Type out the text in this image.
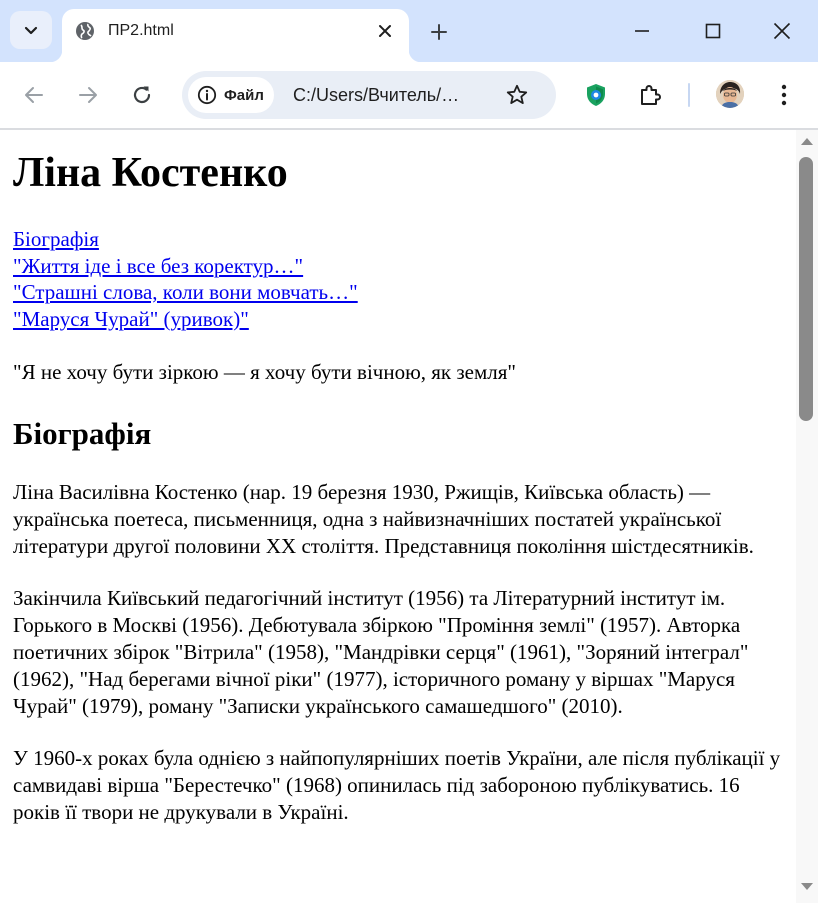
ПР2.html
Файл C:/Users/Вчитель/…
Ліна Костенко
Біографія
"Життя іде і все без коректур…"
"Страшні слова, коли вони мовчать…"
"Маруся Чурай" (уривок)"

"Я не хочу бути зіркою — я хочу бути вічною, як земля"

Біографія

Ліна Василівна Костенко (нар. 19 березня 1930, Ржищів, Київська область) — українська поетеса, письменниця, одна з найвизначніших постатей української літератури другої половини XX століття. Представниця покоління шістдесятників.

Закінчила Київський педагогічний інститут (1956) та Літературний інститут ім. Горького в Москві (1956). Дебютувала збіркою "Проміння землі" (1957). Авторка поетичних збірок "Вітрила" (1958), "Мандрівки серця" (1961), "Зоряний інтеграл" (1962), "Над берегами вічної ріки" (1977), історичного роману у віршах "Маруся Чурай" (1979), роману "Записки українського самашедшого" (2010).

У 1960-х роках була однією з найпопулярніших поетів України, але після публікації у самвидаві вірша "Берестечко" (1968) опинилась під забороною публікуватись. 16 років її твори не друкували в Україні.
